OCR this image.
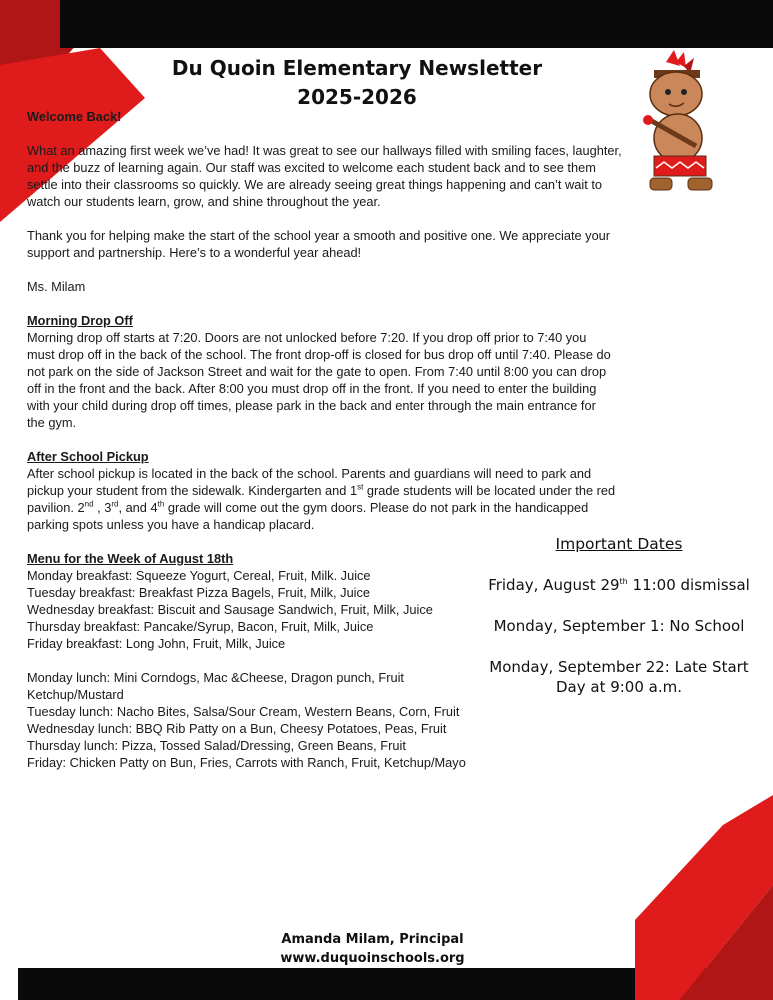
Du Quoin Elementary Newsletter
2025-2026

Welcome Back!

What an amazing first week we’ve had! It was great to see our hallways filled with smiling faces, laughter, and the buzz of learning again. Our staff was excited to welcome each student back and to see them settle into their classrooms so quickly. We are already seeing great things happening and can’t wait to watch our students learn, grow, and shine throughout the year.

Thank you for helping make the start of the school year a smooth and positive one. We appreciate your support and partnership. Here’s to a wonderful year ahead!

Ms. Milam

Morning Drop Off

Morning drop off starts at 7:20. Doors are not unlocked before 7:20. If you drop off prior to 7:40 you must drop off in the back of the school. The front drop-off is closed for bus drop off until 7:40. Please do not park on the side of Jackson Street and wait for the gate to open. From 7:40 until 8:00 you can drop off in the front and the back. After 8:00 you must drop off in the front. If you need to enter the building with your child during drop off times, please park in the back and enter through the main entrance for the gym.

After School Pickup

After school pickup is located in the back of the school. Parents and guardians will need to park and pickup your student from the sidewalk. Kindergarten and 1st grade students will be located under the red pavilion. 2nd , 3rd, and 4th grade will come out the gym doors. Please do not park in the handicapped parking spots unless you have a handicap placard.

Menu for the Week of August 18th

Monday breakfast: Squeeze Yogurt, Cereal, Fruit, Milk. Juice

Tuesday breakfast: Breakfast Pizza Bagels, Fruit, Milk, Juice

Wednesday breakfast: Biscuit and Sausage Sandwich, Fruit, Milk, Juice

Thursday breakfast: Pancake/Syrup, Bacon, Fruit, Milk, Juice

Friday breakfast: Long John, Fruit, Milk, Juice

Monday lunch: Mini Corndogs, Mac &Cheese, Dragon punch, Fruit Ketchup/Mustard

Tuesday lunch: Nacho Bites, Salsa/Sour Cream, Western Beans, Corn, Fruit

Wednesday lunch: BBQ Rib Patty on a Bun, Cheesy Potatoes, Peas, Fruit

Thursday lunch: Pizza, Tossed Salad/Dressing, Green Beans, Fruit

Friday: Chicken Patty on Bun, Fries, Carrots with Ranch, Fruit, Ketchup/Mayo

Important Dates

Friday, August 29th 11:00 dismissal

Monday, September 1: No School

Monday, September 22: Late Start Day at 9:00 a.m.

Amanda Milam, Principal
www.duquoinschools.org
